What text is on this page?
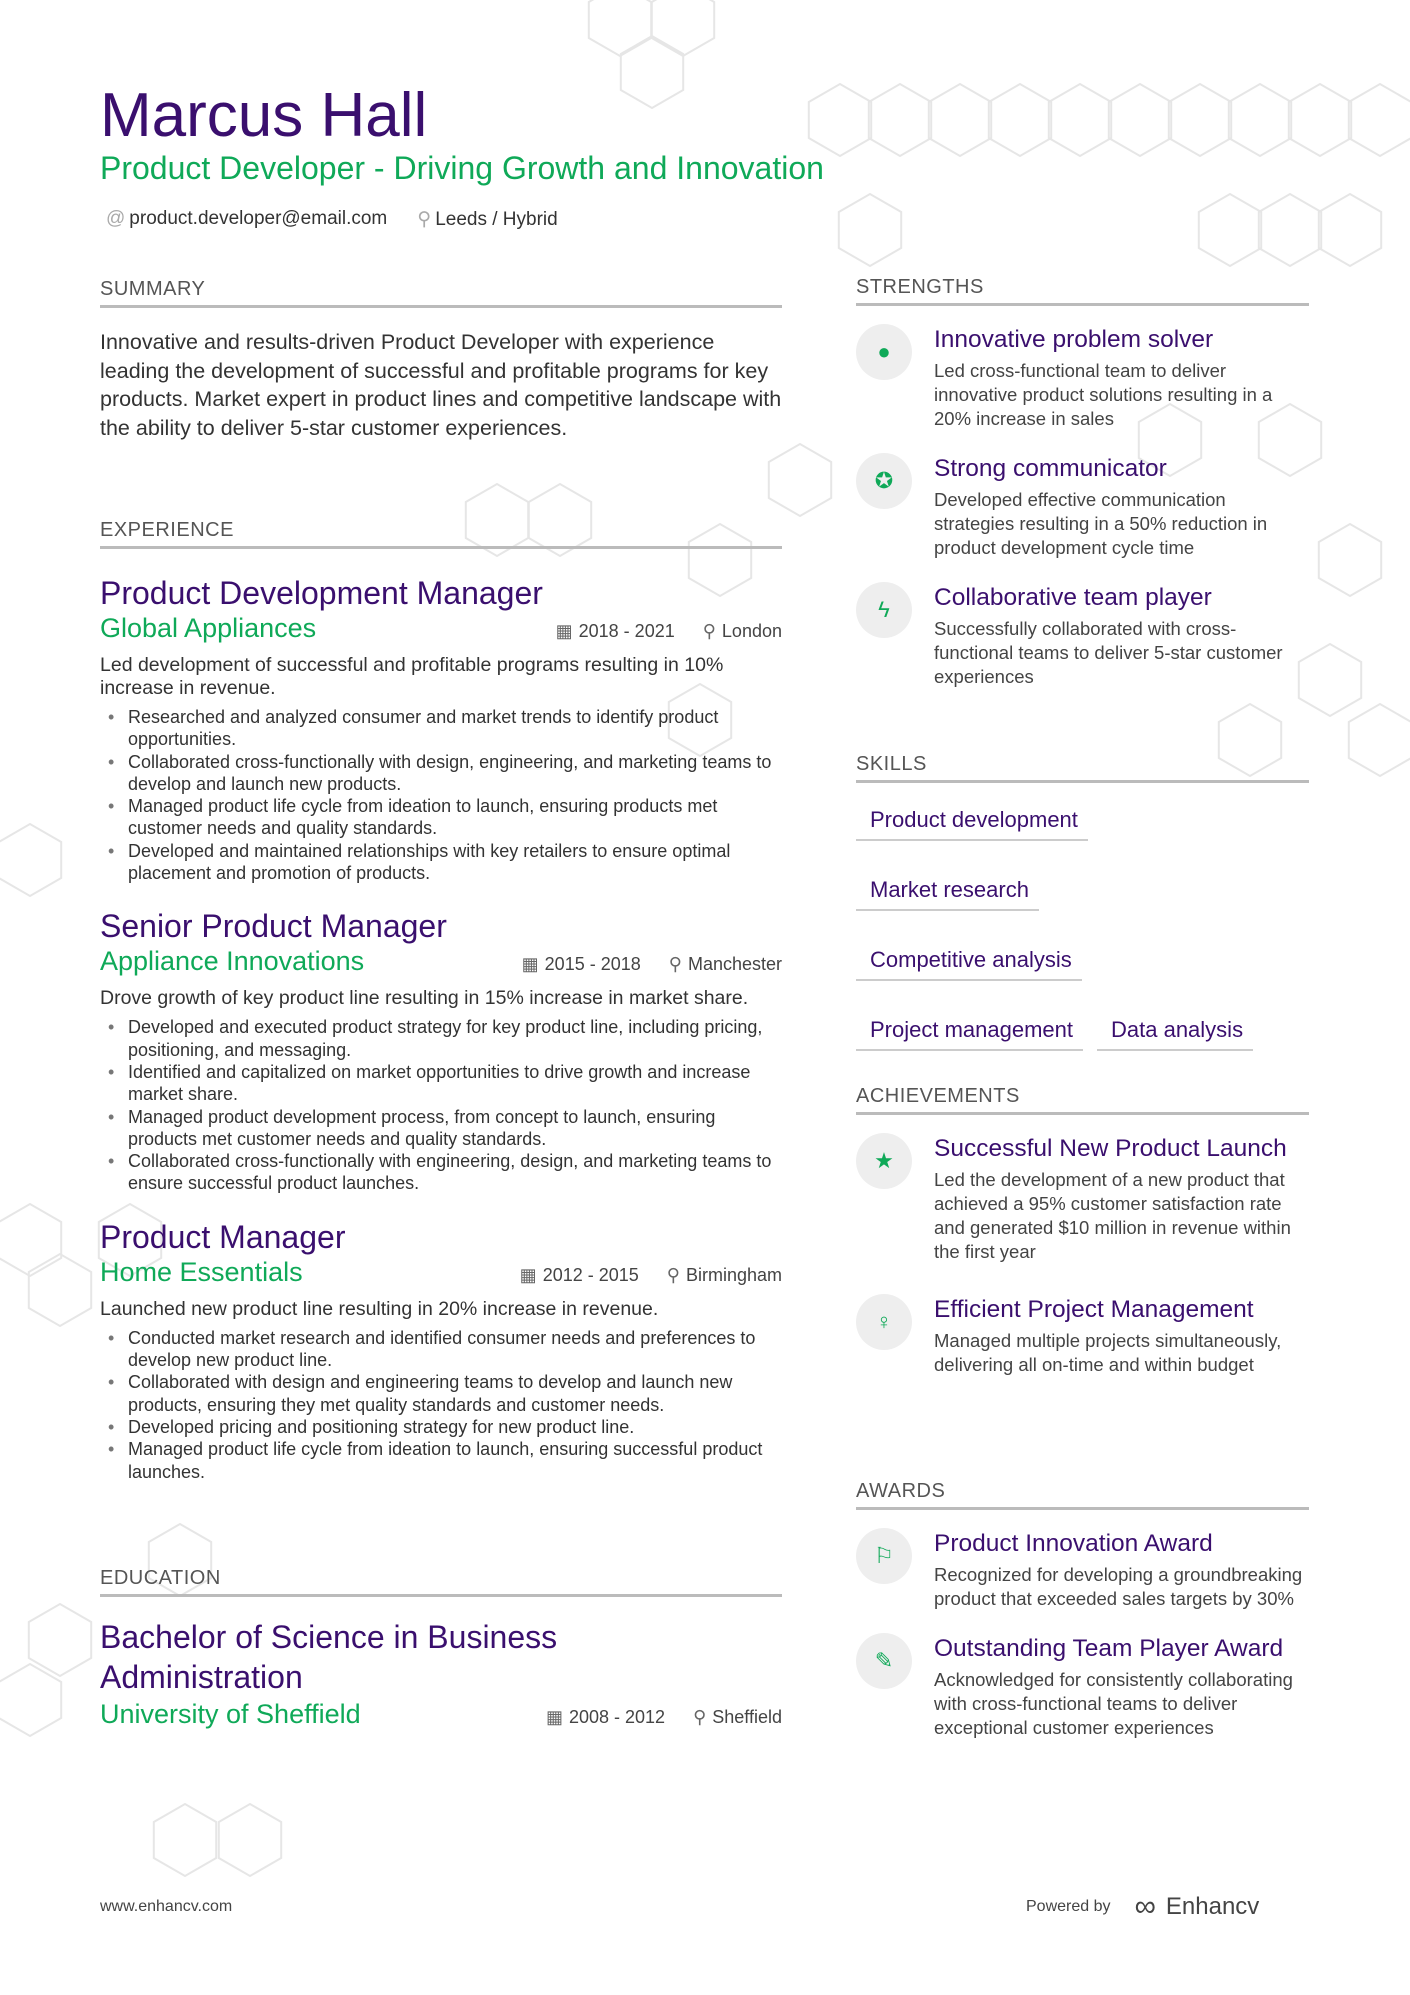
Marcus Hall
Product Developer - Driving Growth and Innovation
@ product.developer@email.com ⚲ Leeds / Hybrid
SUMMARY

Innovative and results-driven Product Developer with experience leading the development of successful and profitable programs for key products. Market expert in product lines and competitive landscape with the ability to deliver 5-star customer experiences.

EXPERIENCE
Product Development Manager
Global Appliances	▦ 2018 - 2021 ⚲ London
Led development of successful and profitable programs resulting in 10% increase in revenue.
• Researched and analyzed consumer and market trends to identify product opportunities.
• Collaborated cross-functionally with design, engineering, and marketing teams to develop and launch new products.
• Managed product life cycle from ideation to launch, ensuring products met customer needs and quality standards.
• Developed and maintained relationships with key retailers to ensure optimal placement and promotion of products.
Senior Product Manager
Appliance Innovations	▦ 2015 - 2018 ⚲ Manchester
Drove growth of key product line resulting in 15% increase in market share.
• Developed and executed product strategy for key product line, including pricing, positioning, and messaging.
• Identified and capitalized on market opportunities to drive growth and increase market share.
• Managed product development process, from concept to launch, ensuring products met customer needs and quality standards.
• Collaborated cross-functionally with engineering, design, and marketing teams to ensure successful product launches.
Product Manager
Home Essentials	▦ 2012 - 2015 ⚲ Birmingham
Launched new product line resulting in 20% increase in revenue.
• Conducted market research and identified consumer needs and preferences to develop new product line.
• Collaborated with design and engineering teams to develop and launch new products, ensuring they met quality standards and customer needs.
• Developed pricing and positioning strategy for new product line.
• Managed product life cycle from ideation to launch, ensuring successful product launches.
EDUCATION
Bachelor of Science in Business Administration
University of Sheffield	▦ 2008 - 2012 ⚲ Sheffield
STRENGTHS
●	Innovative problem solver
Led cross-functional team to deliver innovative product solutions resulting in a 20% increase in sales
✪	Strong communicator
Developed effective communication strategies resulting in a 50% reduction in product development cycle time
ϟ	Collaborative team player
Successfully collaborated with cross-functional teams to deliver 5-star customer experiences
SKILLS
Product development
Market research
Competitive analysis
Project management	Data analysis
ACHIEVEMENTS
★	Successful New Product Launch
Led the development of a new product that achieved a 95% customer satisfaction rate and generated $10 million in revenue within the first year
♀	Efficient Project Management
Managed multiple projects simultaneously, delivering all on-time and within budget
AWARDS
⚐	Product Innovation Award
Recognized for developing a groundbreaking product that exceeded sales targets by 30%
✎	Outstanding Team Player Award
Acknowledged for consistently collaborating with cross-functional teams to deliver exceptional customer experiences
www.enhancv.com	Powered by ∞ Enhancv
